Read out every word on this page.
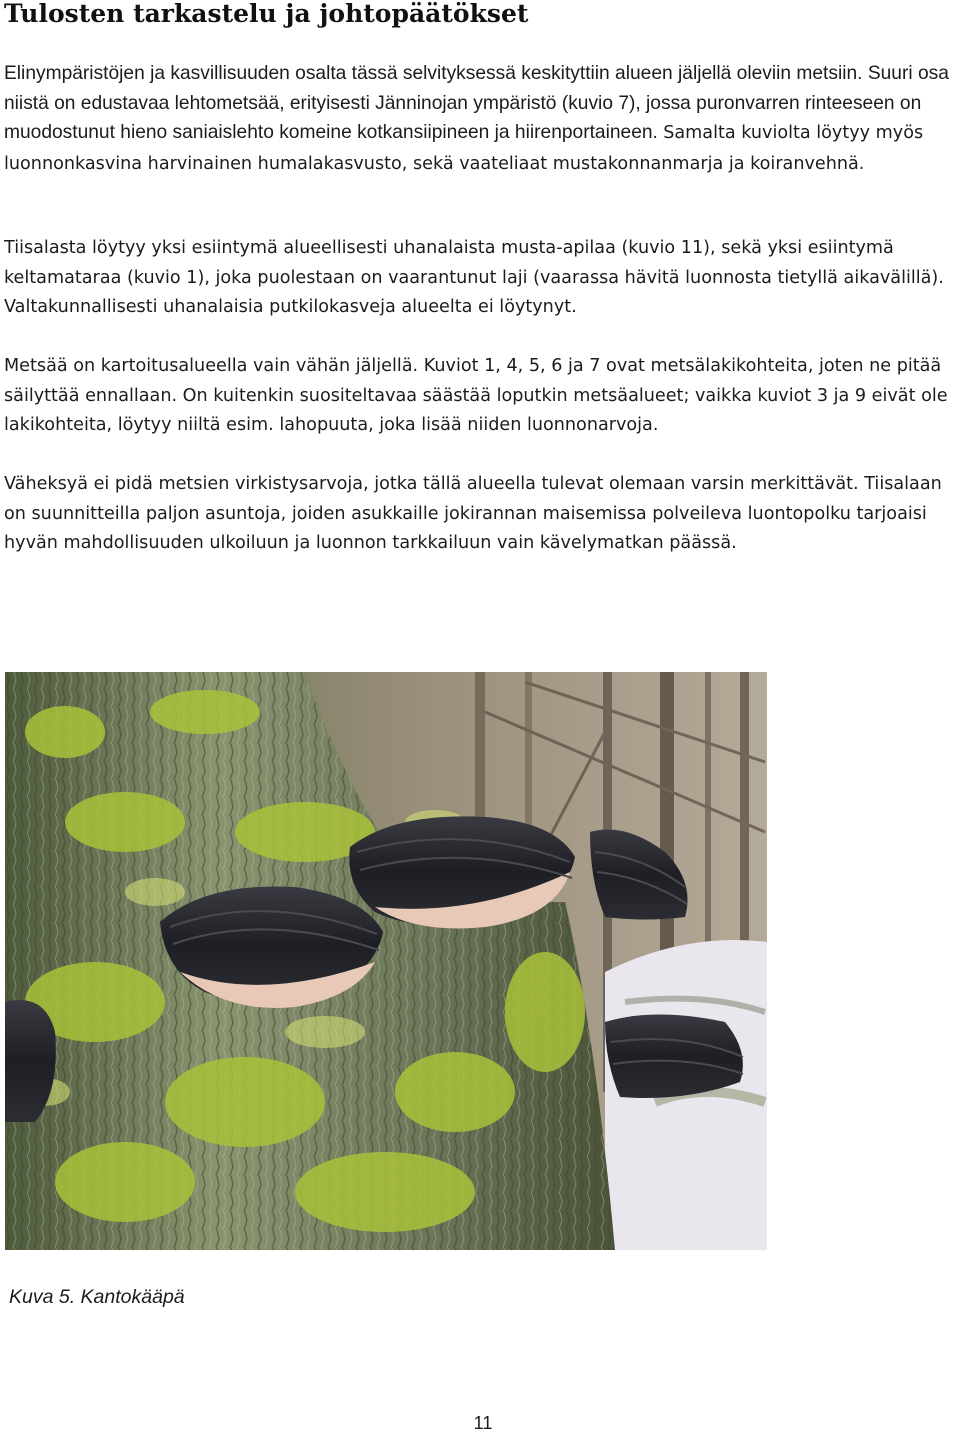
Tulosten tarkastelu ja johtopäätökset

Elinympäristöjen ja kasvillisuuden osalta tässä selvityksessä keskityttiin alueen jäljellä oleviin metsiin. Suuri osa niistä on edustavaa lehtometsää, erityisesti Jänninojan ympäristö (kuvio 7), jossa puronvarren rinteeseen on muodostunut hieno saniaislehto komeine kotkansiipineen ja hiirenportaineen. Samalta kuviolta löytyy myös luonnonkasvina harvinainen humalakasvusto, sekä vaateliaat mustakonnanmarja ja koiranvehnä.

Tiisalasta löytyy yksi esiintymä alueellisesti uhanalaista musta-apilaa (kuvio 11), sekä yksi esiintymä keltamataraa (kuvio 1), joka puolestaan on vaarantunut laji (vaarassa hävitä luonnosta tietyllä aikavälillä). Valtakunnallisesti uhanalaisia putkilokasveja alueelta ei löytynyt.

Metsää on kartoitusalueella vain vähän jäljellä. Kuviot 1, 4, 5, 6 ja 7 ovat metsälakikohteita, joten ne pitää säilyttää ennallaan. On kuitenkin suositeltavaa säästää loputkin metsäalueet; vaikka kuviot 3 ja 9 eivät ole lakikohteita, löytyy niiltä esim. lahopuuta, joka lisää niiden luonnonarvoja.

Väheksyä ei pidä metsien virkistysarvoja, jotka tällä alueella tulevat olemaan varsin merkittävät. Tiisalaan on suunnitteilla paljon asuntoja, joiden asukkaille jokirannan maisemissa polveileva luontopolku tarjoaisi hyvän mahdollisuuden ulkoiluun ja luonnon tarkkailuun vain kävelymatkan päässä.

Kuva 5. Kantokääpä

11
